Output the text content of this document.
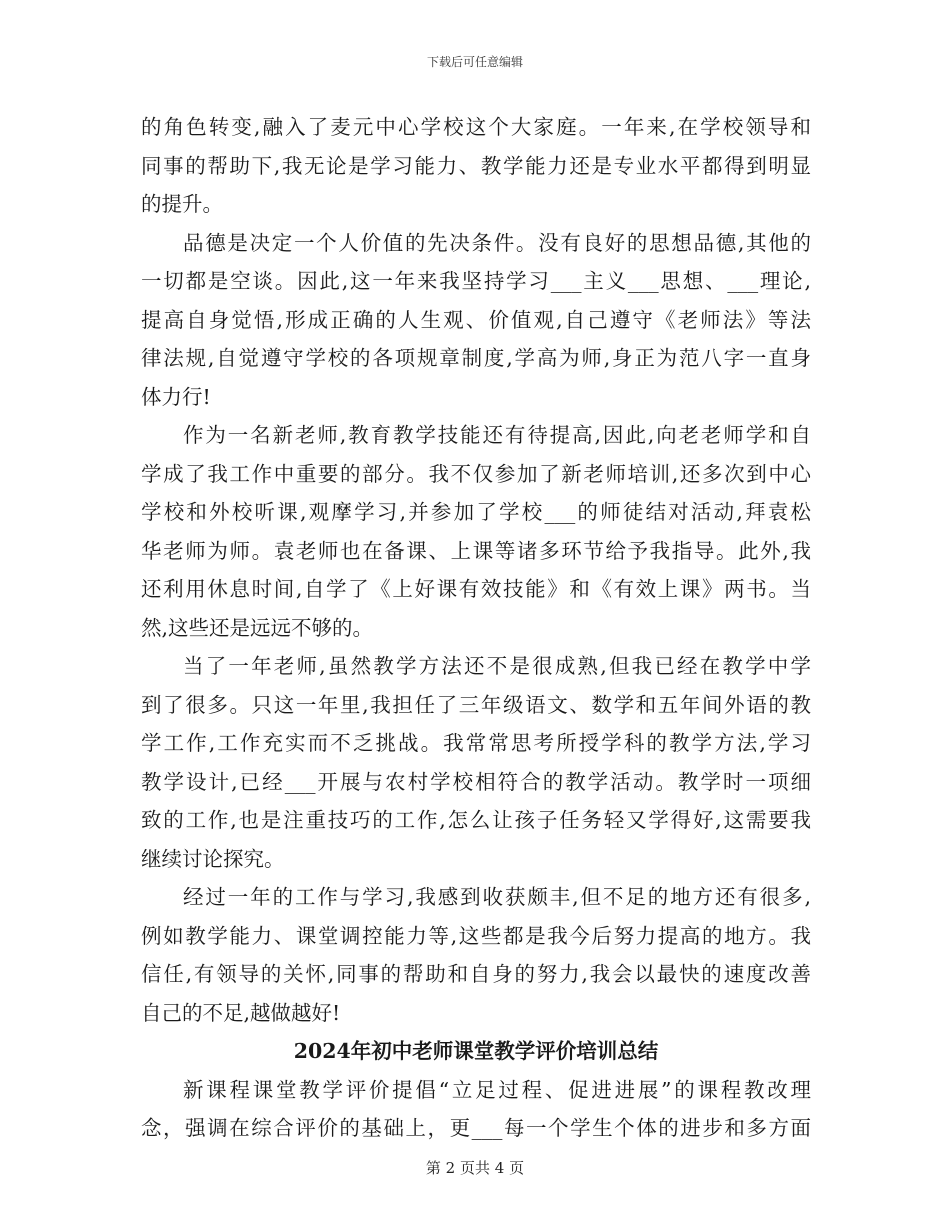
下载后可任意编辑
的角色转变,融入了麦元中心学校这个大家庭。一年来,在学校领导和
同事的帮助下,我无论是学习能力、教学能力还是专业水平都得到明显
的提升。
品德是决定一个人价值的先决条件。没有良好的思想品德,其他的
一切都是空谈。因此,这一年来我坚持学习___主义___思想、___理论,
提高自身觉悟,形成正确的人生观、价值观,自己遵守《老师法》等法
律法规,自觉遵守学校的各项规章制度,学高为师,身正为范八字一直身
体力行!
作为一名新老师,教育教学技能还有待提高,因此,向老老师学和自
学成了我工作中重要的部分。我不仅参加了新老师培训,还多次到中心
学校和外校听课,观摩学习,并参加了学校___的师徒结对活动,拜袁松
华老师为师。袁老师也在备课、上课等诸多环节给予我指导。此外,我
还利用休息时间,自学了《上好课有效技能》和《有效上课》两书。当
然,这些还是远远不够的。
当了一年老师,虽然教学方法还不是很成熟,但我已经在教学中学
到了很多。只这一年里,我担任了三年级语文、数学和五年间外语的教
学工作,工作充实而不乏挑战。我常常思考所授学科的教学方法,学习
教学设计,已经___开展与农村学校相符合的教学活动。教学时一项细
致的工作,也是注重技巧的工作,怎么让孩子任务轻又学得好,这需要我
继续讨论探究。
经过一年的工作与学习,我感到收获颇丰,但不足的地方还有很多,
例如教学能力、课堂调控能力等,这些都是我今后努力提高的地方。我
信任,有领导的关怀,同事的帮助和自身的努力,我会以最快的速度改善
自己的不足,越做越好!
2024年初中老师课堂教学评价培训总结
新课程课堂教学评价提倡“立足过程、促进进展”的课程教改理
念，强调在综合评价的基础上，更___每一个学生个体的进步和多方面
第 2 页共 4 页
